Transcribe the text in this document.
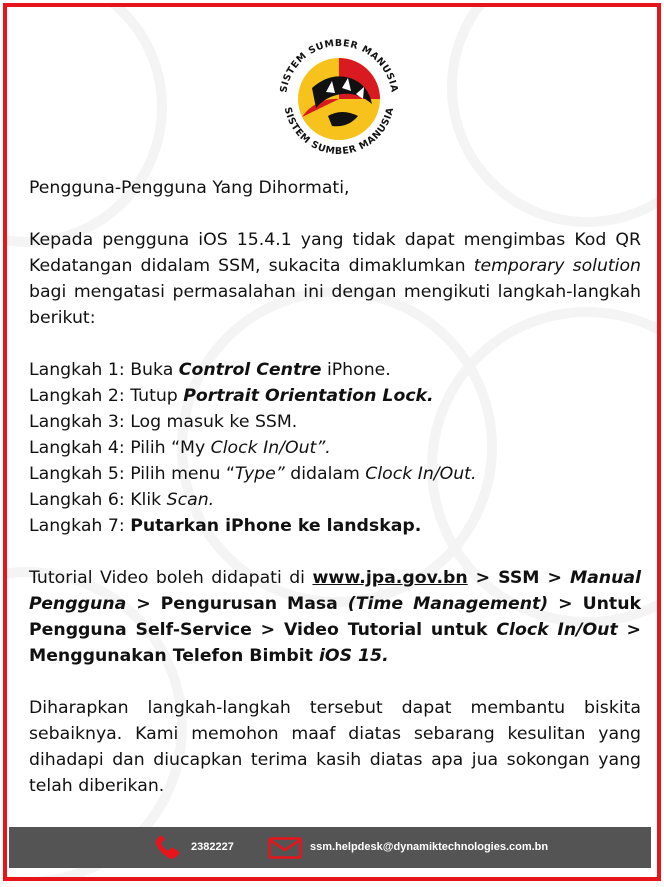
SISTEM SUMBER MANUSIA
SISTEM SUMBER MANUSIA

Pengguna-Pengguna Yang Dihormati,

Kepada pengguna iOS 15.4.1 yang tidak dapat mengimbas Kod QR Kedatangan didalam SSM, sukacita dimaklumkan temporary solution bagi mengatasi permasalahan ini dengan mengikuti langkah-langkah berikut:

Langkah 1: Buka Control Centre iPhone.

Langkah 2: Tutup Portrait Orientation Lock.

Langkah 3: Log masuk ke SSM.

Langkah 4: Pilih “My Clock In/Out”.

Langkah 5: Pilih menu “Type” didalam Clock In/Out.

Langkah 6: Klik Scan.

Langkah 7: Putarkan iPhone ke landskap.

Tutorial Video boleh didapati di www.jpa.gov.bn > SSM > Manual Pengguna > Pengurusan Masa (Time Management) > Untuk Pengguna Self-Service > Video Tutorial untuk Clock In/Out > Menggunakan Telefon Bimbit iOS 15.

Diharapkan langkah-langkah tersebut dapat membantu biskita sebaiknya. Kami memohon maaf diatas sebarang kesulitan yang dihadapi dan diucapkan terima kasih diatas apa jua sokongan yang telah diberikan.

2382227	ssm.helpdesk@dynamiktechnologies.com.bn
